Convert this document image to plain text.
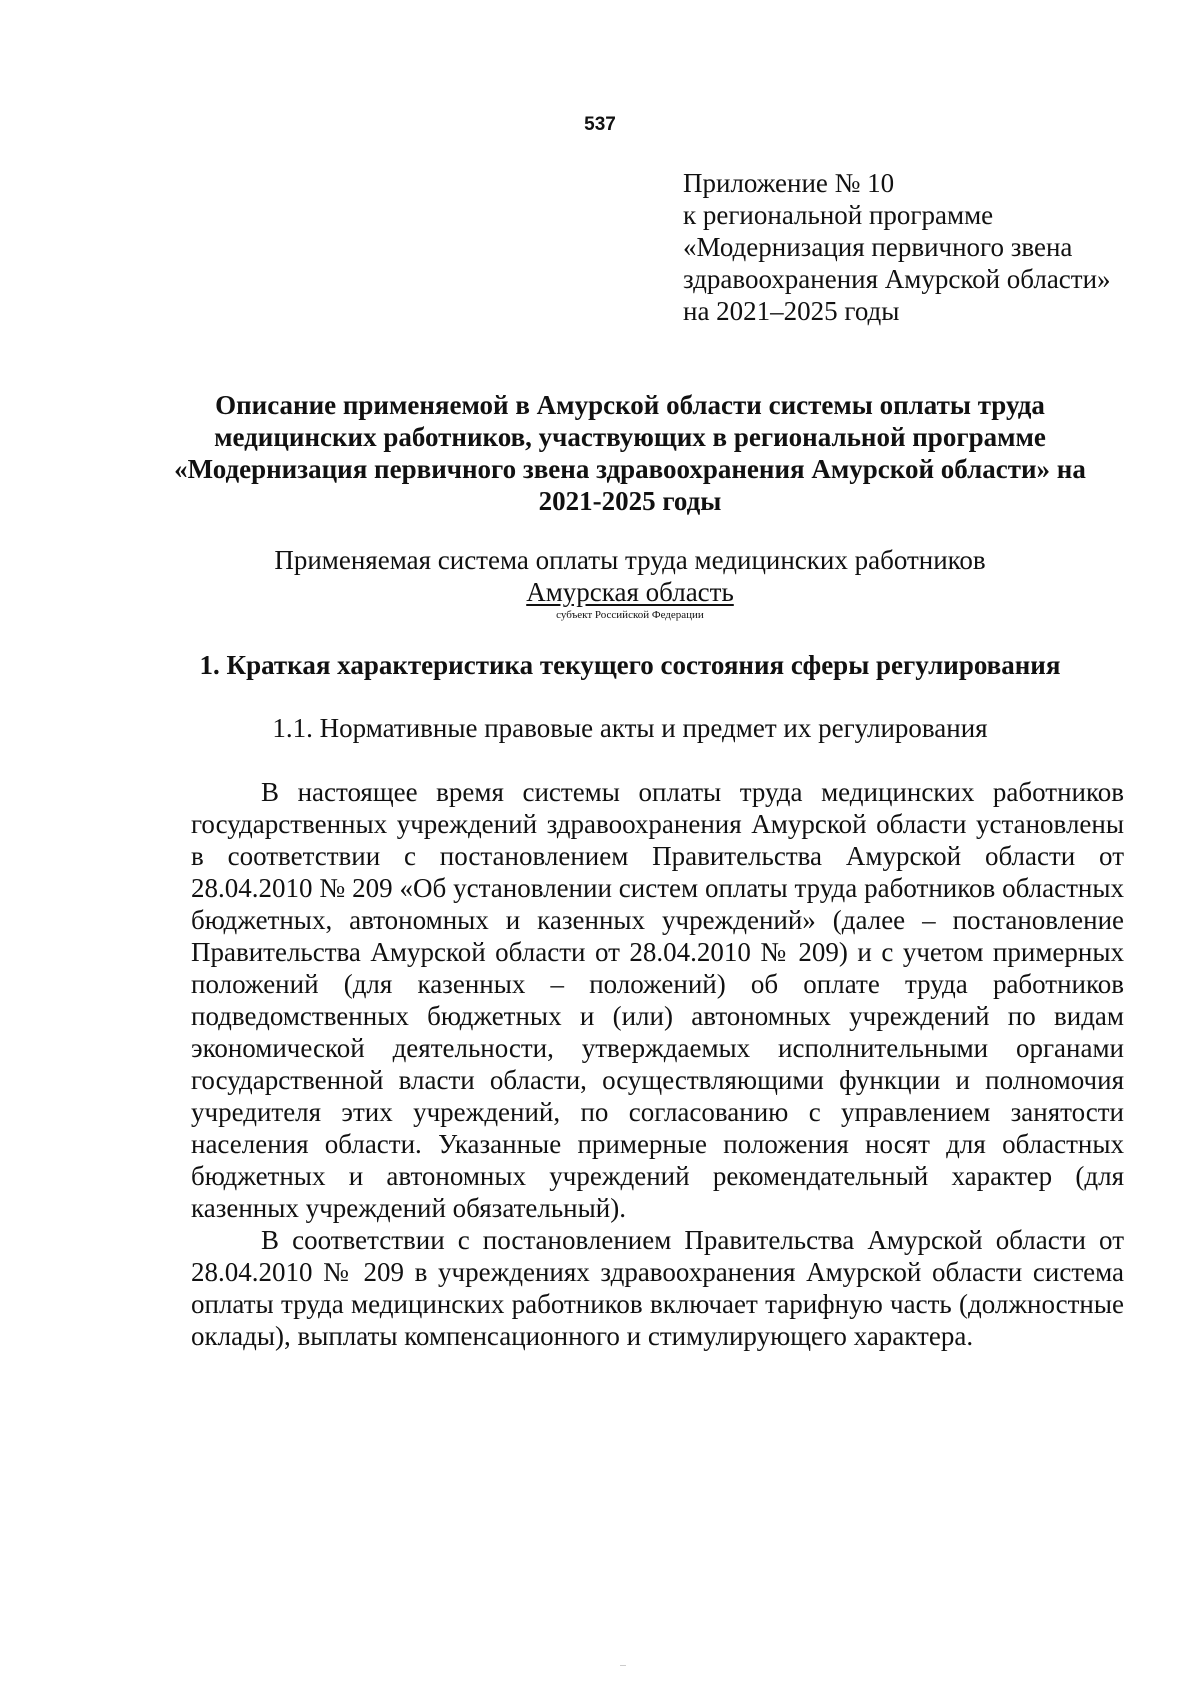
537
Приложение № 10
к региональной программе
«Модернизация первичного звена
здравоохранения Амурской области»
на 2021–2025 годы
Описание применяемой в Амурской области системы оплаты труда
медицинских работников, участвующих в региональной программе
«Модернизация первичного звена здравоохранения Амурской области» на
2021-2025 годы
Применяемая система оплаты труда медицинских работников
Амурская область
субъект Российской Федерации
1. Краткая характеристика текущего состояния сферы регулирования
1.1. Нормативные правовые акты и предмет их регулирования

В настоящее время системы оплаты труда медицинских работников государственных учреждений здравоохранения Амурской области установлены в соответствии с постановлением Правительства Амурской области от 28.04.2010 № 209 «Об установлении систем оплаты труда работников областных бюджетных, автономных и казенных учреждений» (далее – постановление Правительства Амурской области от 28.04.2010 № 209) и с учетом примерных положений (для казенных – положений) об оплате труда работников подведомственных бюджетных и (или) автономных учреждений по видам экономической деятельности, утверждаемых исполнительными органами государственной власти области, осуществляющими функции и полномочия учредителя этих учреждений, по согласованию с управлением занятости населения области. Указанные примерные положения носят для областных бюджетных и автономных учреждений рекомендательный характер (для казенных учреждений обязательный).

В соответствии с постановлением Правительства Амурской области от 28.04.2010 № 209 в учреждениях здравоохранения Амурской области система оплаты труда медицинских работников включает тарифную часть (должностные оклады), выплаты компенсационного и стимулирующего характера.
